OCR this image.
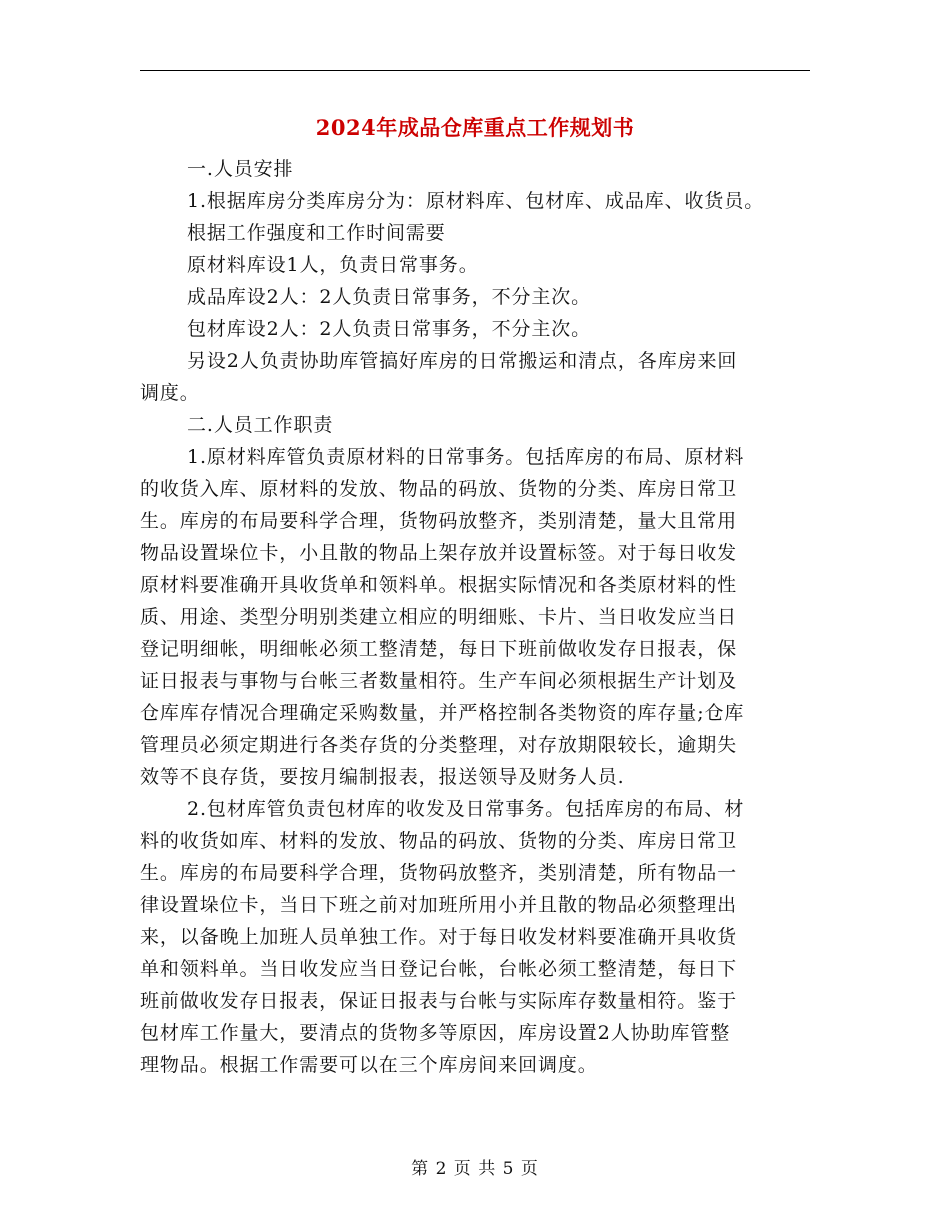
2024年成品仓库重点工作规划书
一.人员安排
1.根据库房分类库房分为：原材料库、包材库、成品库、收货员。
根据工作强度和工作时间需要
原材料库设1人，负责日常事务。
成品库设2人：2人负责日常事务，不分主次。
包材库设2人：2人负责日常事务，不分主次。
另设2人负责协助库管搞好库房的日常搬运和清点，各库房来回
调度。
二.人员工作职责
1.原材料库管负责原材料的日常事务。包括库房的布局、原材料
的收货入库、原材料的发放、物品的码放、货物的分类、库房日常卫
生。库房的布局要科学合理，货物码放整齐，类别清楚，量大且常用
物品设置垛位卡，小且散的物品上架存放并设置标签。对于每日收发
原材料要准确开具收货单和领料单。根据实际情况和各类原材料的性
质、用途、类型分明别类建立相应的明细账、卡片、当日收发应当日
登记明细帐，明细帐必须工整清楚，每日下班前做收发存日报表，保
证日报表与事物与台帐三者数量相符。生产车间必须根据生产计划及
仓库库存情况合理确定采购数量，并严格控制各类物资的库存量;仓库
管理员必须定期进行各类存货的分类整理，对存放期限较长，逾期失
效等不良存货，要按月编制报表，报送领导及财务人员.
2.包材库管负责包材库的收发及日常事务。包括库房的布局、材
料的收货如库、材料的发放、物品的码放、货物的分类、库房日常卫
生。库房的布局要科学合理，货物码放整齐，类别清楚，所有物品一
律设置垛位卡，当日下班之前对加班所用小并且散的物品必须整理出
来，以备晚上加班人员单独工作。对于每日收发材料要准确开具收货
单和领料单。当日收发应当日登记台帐，台帐必须工整清楚，每日下
班前做收发存日报表，保证日报表与台帐与实际库存数量相符。鉴于
包材库工作量大，要清点的货物多等原因，库房设置2人协助库管整
理物品。根据工作需要可以在三个库房间来回调度。
第 2 页 共 5 页
